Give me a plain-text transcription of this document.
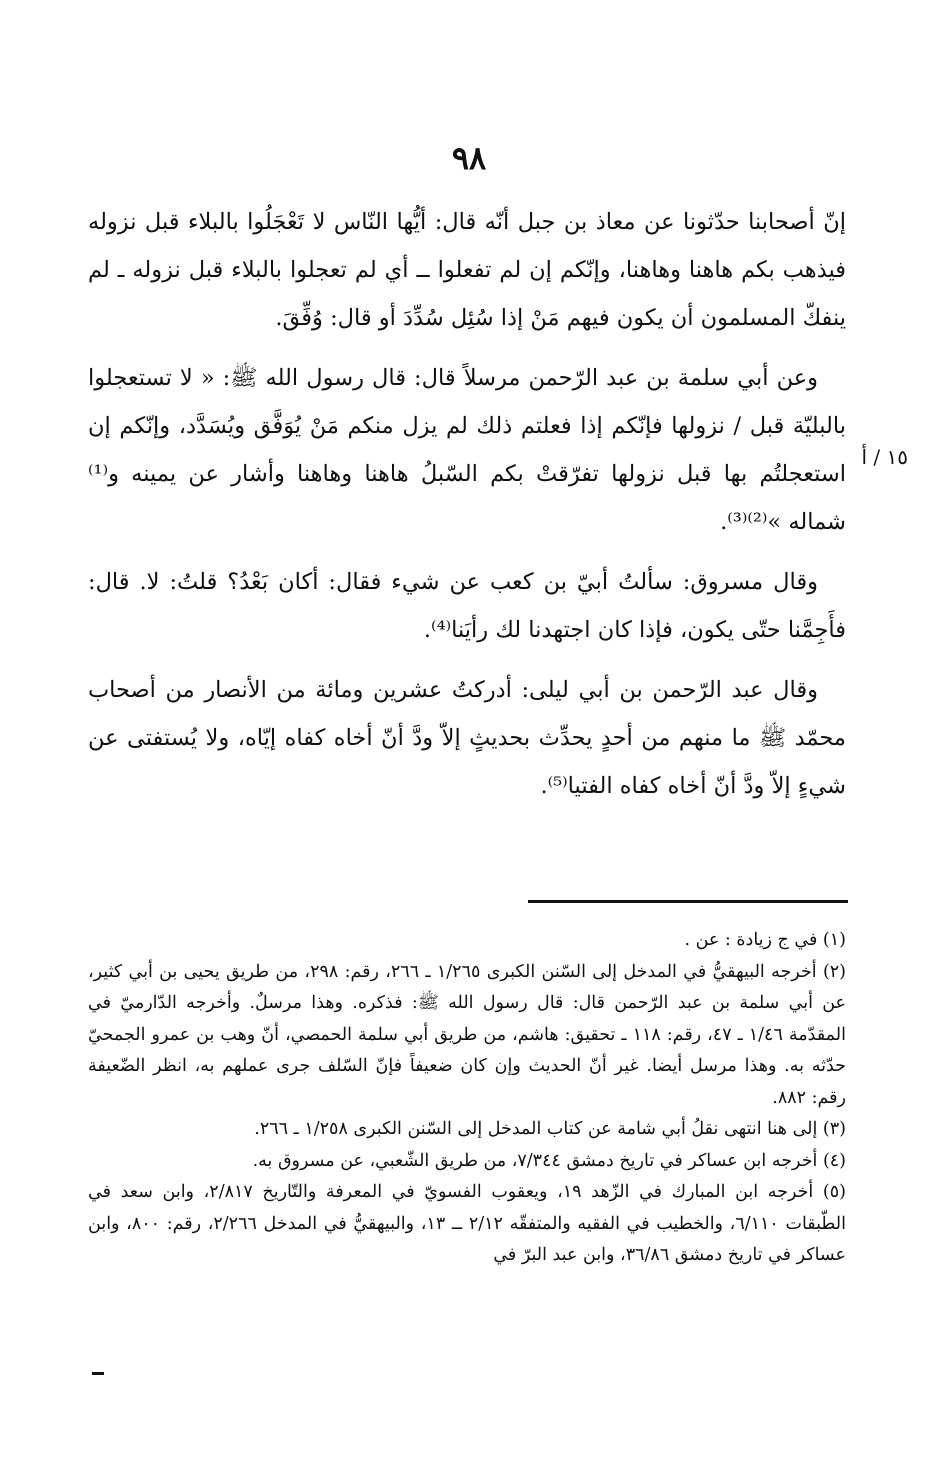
٩٨
١٥ / أ

إنّ أصحابنا حدّثونا عن معاذ بن جبل أنّه قال: أيُّها النّاس لا تَعْجَلُوا بالبلاء قبل نزوله فيذهب بكم هاهنا وهاهنا، وإنّكم إن لم تفعلوا ــ أي لم تعجلوا بالبلاء قبل نزوله ـ لم ينفكّ المسلمون أن يكون فيهم مَنْ إذا سُئِل سُدِّدَ أو قال: وُفِّقَ.

وعن أبي سلمة بن عبد الرّحمن مرسلاً قال: قال رسول الله ﷺ: « لا تستعجلوا بالبليّة قبل / نزولها فإنّكم إذا فعلتم ذلك لم يزل منكم مَنْ يُوَفَّق ويُسَدَّد، وإنّكم إن استعجلتُم بها قبل نزولها تفرّقتْ بكم السّبلُ هاهنا وهاهنا وأشار عن يمينه و⁽¹⁾ شماله »⁽²⁾⁽³⁾.

وقال مسروق: سألتُ أبيّ بن كعب عن شيء فقال: أكان بَعْدُ؟ قلتُ: لا. قال: فأَجِمَّنا حتّى يكون، فإذا كان اجتهدنا لك رأيَنا⁽⁴⁾.

وقال عبد الرّحمن بن أبي ليلى: أدركتُ عشرين ومائة من الأنصار من أصحاب محمّد ﷺ ما منهم من أحدٍ يحدِّث بحديثٍ إلاّ ودَّ أنّ أخاه كفاه إيّاه، ولا يُستفتى عن شيءٍ إلاّ ودَّ أنّ أخاه كفاه الفتيا⁽⁵⁾.

(١) في ج زيادة : عن .

(٢) أخرجه البيهقيُّ في المدخل إلى السّنن الكبرى ١/٢٦٥ ـ ٢٦٦، رقم: ٢٩٨، من طريق يحيى بن أبي كثير، عن أبي سلمة بن عبد الرّحمن قال: قال رسول الله ﷺ: فذكره. وهذا مرسلٌ. وأخرجه الدّارميّ في المقدّمة ١/٤٦ ـ ٤٧، رقم: ١١٨ ـ تحقيق: هاشم، من طريق أبي سلمة الحمصي، أنّ وهب بن عمرو الجمحيّ حدّثه به. وهذا مرسل أيضا. غير أنّ الحديث وإن كان ضعيفاً فإنّ السّلف جرى عملهم به، انظر الضّعيفة رقم: ٨٨٢.

(٣) إلى هنا انتهى نقلُ أبي شامة عن كتاب المدخل إلى السّنن الكبرى ١/٢٥٨ ـ ٢٦٦.

(٤) أخرجه ابن عساكر في تاريخ دمشق ٧/٣٤٤، من طريق الشّعبي، عن مسروق به.

(٥) أخرجه ابن المبارك في الزّهد ١٩، ويعقوب الفسويّ في المعرفة والتّاريخ ٢/٨١٧، وابن سعد في الطّبقات ٦/١١٠، والخطيب في الفقيه والمتفقّه ٢/١٢ ــ ١٣، والبيهقيُّ في المدخل ٢/٢٦٦، رقم: ٨٠٠، وابن عساكر في تاريخ دمشق ٣٦/٨٦، وابن عبد البرّ في
